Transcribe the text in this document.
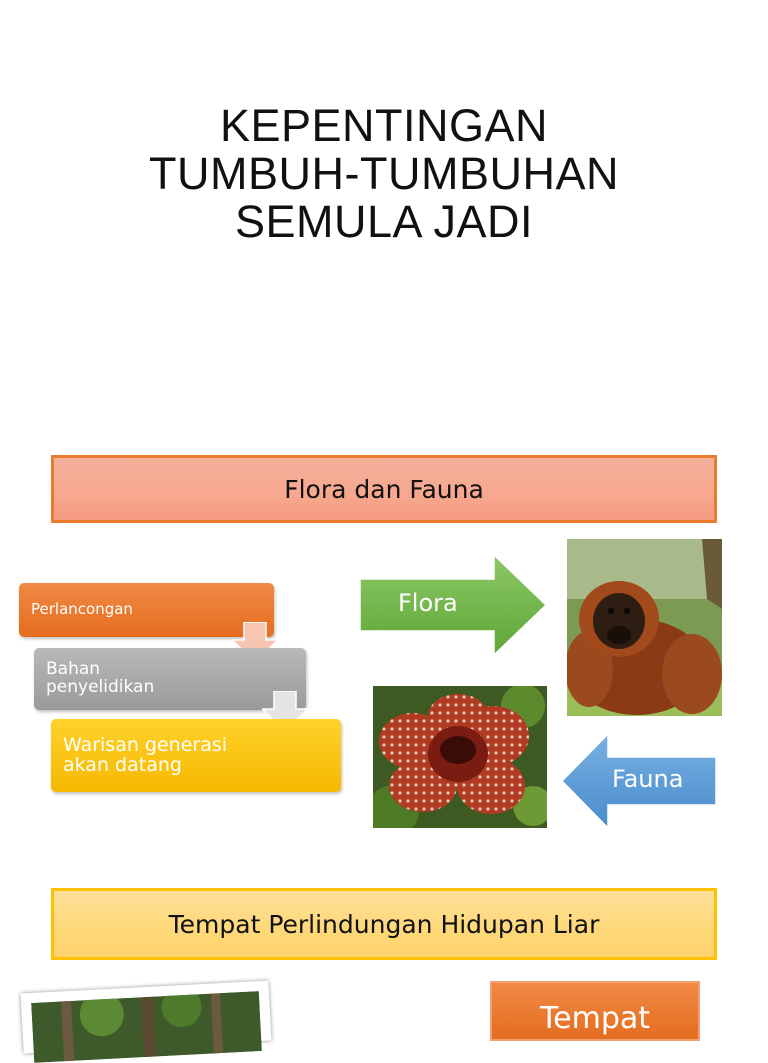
KEPENTINGAN
TUMBUH-TUMBUHAN
SEMULA JADI
Flora dan Fauna
Perlancongan
Bahan
penyelidikan
Warisan generasi
akan datang
Flora
Fauna
Tempat Perlindungan Hidupan Liar
Tempat
